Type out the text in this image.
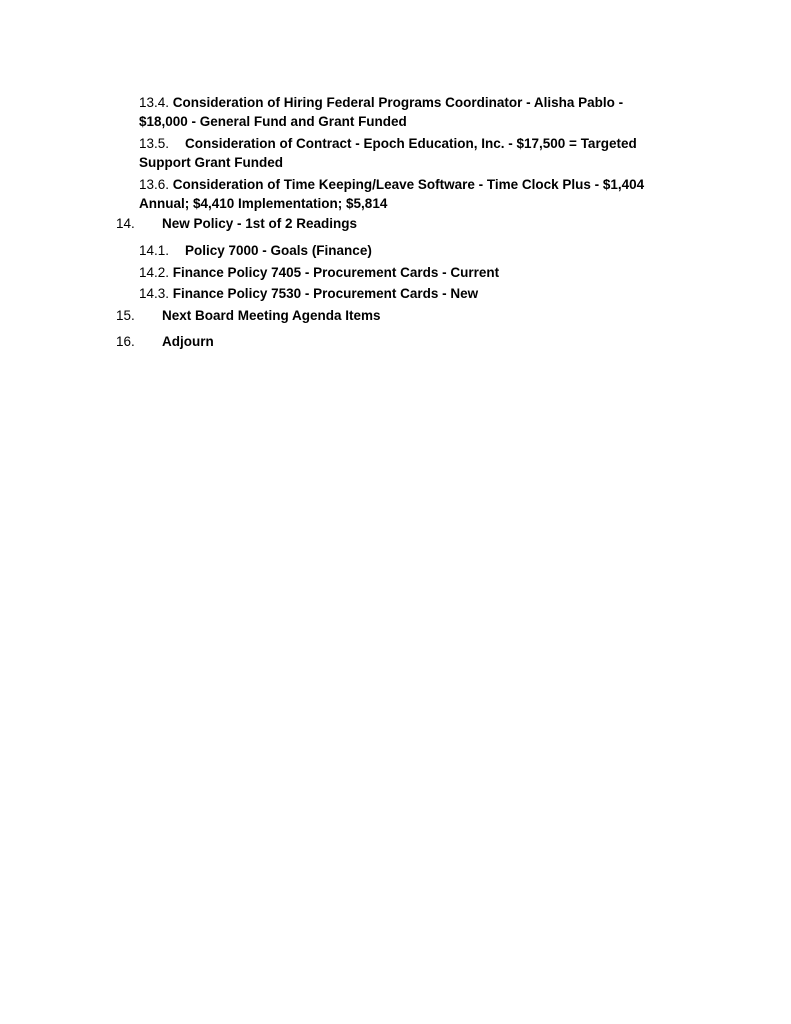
13.4. Consideration of Hiring Federal Programs Coordinator - Alisha Pablo -
$18,000 - General Fund and Grant Funded
13.5. Consideration of Contract - Epoch Education, Inc. - $17,500 = Targeted
Support Grant Funded
13.6. Consideration of Time Keeping/Leave Software - Time Clock Plus - $1,404
Annual; $4,410 Implementation; $5,814
14. New Policy - 1st of 2 Readings
14.1. Policy 7000 - Goals (Finance)
14.2. Finance Policy 7405 - Procurement Cards - Current
14.3. Finance Policy 7530 - Procurement Cards - New
15. Next Board Meeting Agenda Items
16. Adjourn
